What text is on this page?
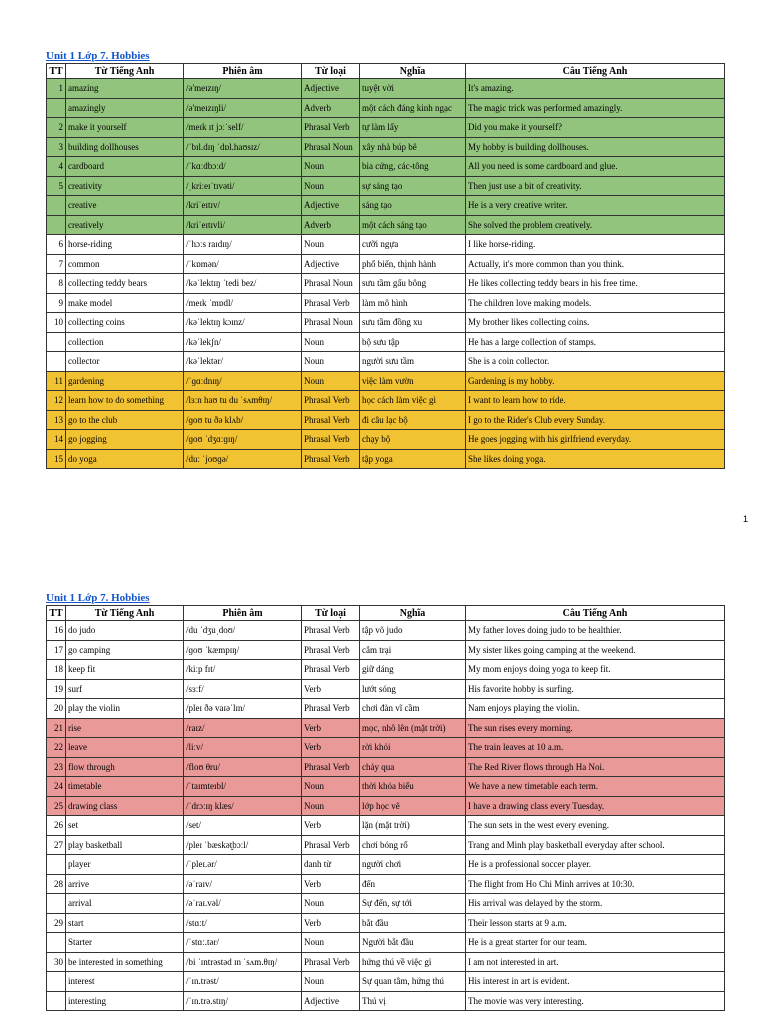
Unit 1 Lớp 7. Hobbies
TT	Từ Tiếng Anh	Phiên âm	Từ loại	Nghĩa	Câu Tiếng Anh
1	amazing	/ə'meɪzɪŋ/	Adjective	tuyệt vời	It's amazing.
	amazingly	/ə'meɪzɪŋli/	Adverb	một cách đáng kinh ngạc	The magic trick was performed amazingly.
2	make it yourself	/meɪk ɪt jɔːˈself/	Phrasal Verb	tự làm lấy	Did you make it yourself?
3	building dollhouses	/ˈbɪl.dɪŋ ˈdɒl.haʊsɪz/	Phrasal Noun	xây nhà búp bê	My hobby is building dollhouses.
4	cardboard	/ˈkɑːdbɔːd/	Noun	bìa cứng, các-tông	All you need is some cardboard and glue.
5	creativity	/ˌkriːeɪˈtɪvəti/	Noun	sự sáng tạo	Then just use a bit of creativity.
	creative	/kriˈeɪtɪv/	Adjective	sáng tạo	He is a very creative writer.
	creatively	/kriˈeɪtɪvli/	Adverb	một cách sáng tạo	She solved the problem creatively.
6	horse-riding	/ˈhɔːs raɪdɪŋ/	Noun	cưỡi ngựa	I like horse-riding.
7	common	/ˈkɒmən/	Adjective	phổ biến, thịnh hành	Actually, it's more common than you think.
8	collecting teddy bears	/kəˈlektɪŋ ˈtedi bez/	Phrasal Noun	sưu tầm gấu bông	He likes collecting teddy bears in his free time.
9	make model	/meɪk ˈmɒdl/	Phrasal Verb	làm mô hình	The children love making models.
10	collecting coins	/kəˈlektɪŋ kɔɪnz/	Phrasal Noun	sưu tầm đồng xu	My brother likes collecting coins.
	collection	/kəˈlekʃn/	Noun	bộ sưu tập	He has a large collection of stamps.
	collector	/kəˈlektər/	Noun	người sưu tầm	She is a coin collector.
11	gardening	/ˈɡɑːdnɪŋ/	Noun	việc làm vườn	Gardening is my hobby.
12	learn how to do something	/lɜːn haʊ tu du ˈsʌmθɪŋ/	Phrasal Verb	học cách làm việc gì	I want to learn how to ride.
13	go to the club	/ɡoʊ tu ðə klʌb/	Phrasal Verb	đi câu lạc bộ	I go to the Rider's Club every Sunday.
14	go jogging	/ɡoʊ ˈdʒɑːɡɪŋ/	Phrasal Verb	chạy bộ	He goes jogging with his girlfriend everyday.
15	do yoga	/duː ˈjoʊɡə/	Phrasal Verb	tập yoga	She likes doing yoga.
1
Unit 1 Lớp 7. Hobbies
TT	Từ Tiếng Anh	Phiên âm	Từ loại	Nghĩa	Câu Tiếng Anh
16	do judo	/du ˈdʒuˌdoʊ/	Phrasal Verb	tập võ judo	My father loves doing judo to be healthier.
17	go camping	/ɡoʊ ˈkæmpɪŋ/	Phrasal Verb	cắm trại	My sister likes going camping at the weekend.
18	keep fit	/kiːp fɪt/	Phrasal Verb	giữ dáng	My mom enjoys doing yoga to keep fit.
19	surf	/sɜːf/	Verb	lướt sóng	His favorite hobby is surfing.
20	play the violin	/pleɪ ðə vaɪəˈlɪn/	Phrasal Verb	chơi đàn vĩ cầm	Nam enjoys playing the violin.
21	rise	/raɪz/	Verb	mọc, nhô lên (mặt trời)	The sun rises every morning.
22	leave	/liːv/	Verb	rời khỏi	The train leaves at 10 a.m.
23	flow through	/floʊ θru/	Phrasal Verb	chảy qua	The Red River flows through Ha Noi.
24	timetable	/ˈtaɪmteɪbl/	Noun	thời khóa biểu	We have a new timetable each term.
25	drawing class	/ˈdrɔːɪŋ klæs/	Noun	lớp học vẽ	I have a drawing class every Tuesday.
26	set	/set/	Verb	lặn (mặt trời)	The sun sets in the west every evening.
27	play basketball	/pleɪ ˈbæskət̬bɔːl/	Phrasal Verb	chơi bóng rổ	Trang and Minh play basketball everyday after school.
	player	/ˈpleɪ.ər/	danh từ	người chơi	He is a professional soccer player.
28	arrive	/əˈraɪv/	Verb	đến	The flight from Ho Chi Minh arrives at 10:30.
	arrival	/əˈraɪ.vəl/	Noun	Sự đến, sự tới	His arrival was delayed by the storm.
29	start	/stɑːt/	Verb	bắt đầu	Their lesson starts at 9 a.m.
	Starter	/ˈstɑː.tər/	Noun	Người bắt đầu	He is a great starter for our team.
30	be interested in something	/bi ˈɪntrəstəd ɪn ˈsʌm.θɪŋ/	Phrasal Verb	hứng thú về việc gì	I am not interested in art.
	interest	/ˈɪn.trəst/	Noun	Sự quan tâm, hứng thú	His interest in art is evident.
	interesting	/ˈɪn.trə.stɪŋ/	Adjective	Thú vị	The movie was very interesting.
